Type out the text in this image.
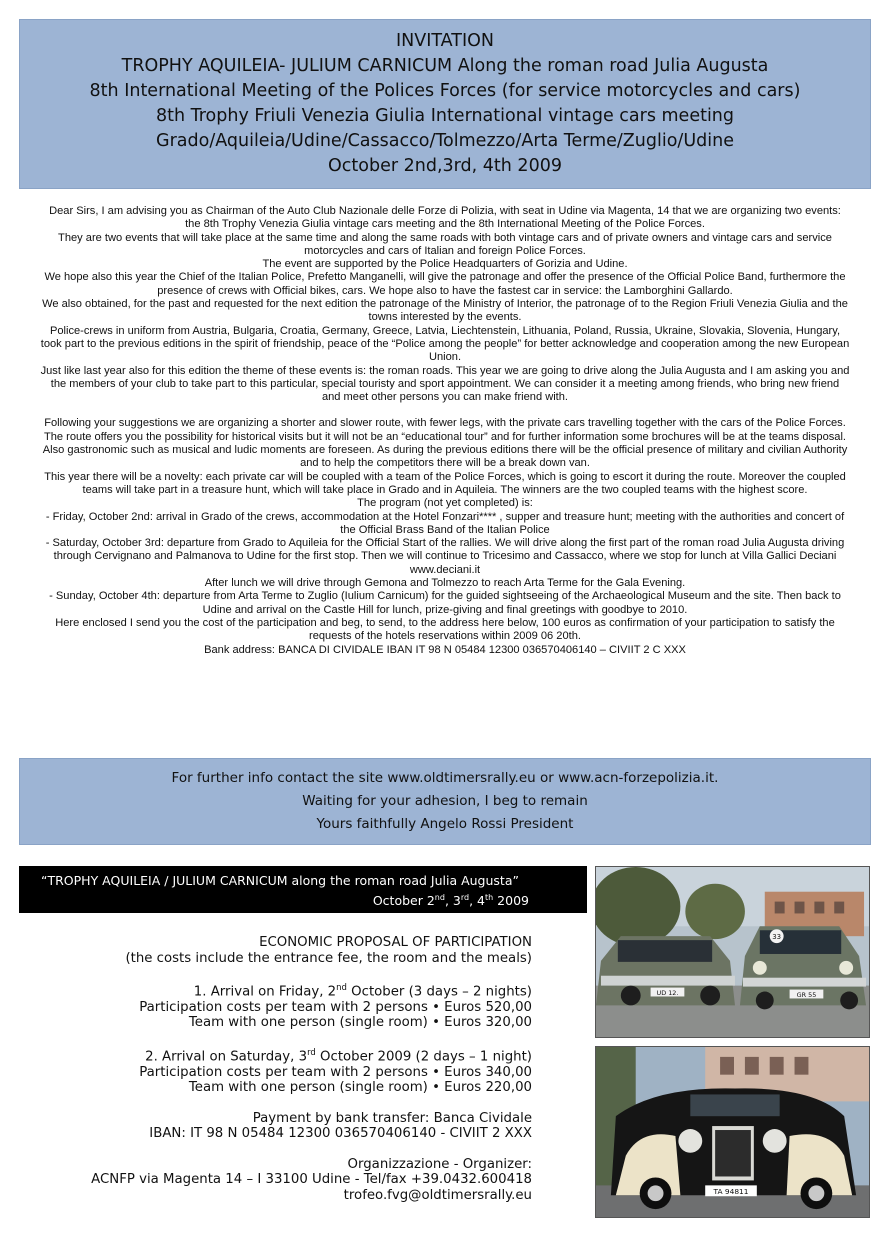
INVITATION
TROPHY AQUILEIA- JULIUM CARNICUM Along the roman road Julia Augusta
8th International Meeting of the Polices Forces (for service motorcycles and cars)
8th Trophy Friuli Venezia Giulia International vintage cars meeting
Grado/Aquileia/Udine/Cassacco/Tolmezzo/Arta Terme/Zuglio/Udine
October 2nd,3rd, 4th 2009

Dear Sirs, I am advising you as Chairman of the Auto Club Nazionale delle Forze di Polizia, with seat in Udine via Magenta, 14 that we are organizing two events: the 8th Trophy Venezia Giulia vintage cars meeting and the 8th International Meeting of the Police Forces.

They are two events that will take place at the same time and along the same roads with both vintage cars and of private owners and vintage cars and service motorcycles and cars of Italian and foreign Police Forces.

The event are supported by the Police Headquarters of Gorizia and Udine.

We hope also this year the Chief of the Italian Police, Prefetto Manganelli, will give the patronage and offer the presence of the Official Police Band, furthermore the presence of crews with Official bikes, cars. We hope also to have the fastest car in service: the Lamborghini Gallardo.

We also obtained, for the past and requested for the next edition the patronage of the Ministry of Interior, the patronage of to the Region Friuli Venezia Giulia and the towns interested by the events.

Police-crews in uniform from Austria, Bulgaria, Croatia, Germany, Greece, Latvia, Liechtenstein, Lithuania, Poland, Russia, Ukraine, Slovakia, Slovenia, Hungary, took part to the previous editions in the spirit of friendship, peace of the “Police among the people” for better acknowledge and cooperation among the new European Union.

Just like last year also for this edition the theme of these events is: the roman roads. This year we are going to drive along the Julia Augusta and I am asking you and the members of your club to take part to this particular, special touristy and sport appointment. We can consider it a meeting among friends, who bring new friend and meet other persons you can make friend with.

Following your suggestions we are organizing a shorter and slower route, with fewer legs, with the private cars travelling together with the cars of the Police Forces.

The route offers you the possibility for historical visits but it will not be an “educational tour” and for further information some brochures will be at the teams disposal. Also gastronomic such as musical and ludic moments are foreseen. As during the previous editions there will be the official presence of military and civilian Authority and to help the competitors there will be a break down van.

This year there will be a novelty: each private car will be coupled with a team of the Police Forces, which is going to escort it during the route. Moreover the coupled teams will take part in a treasure hunt, which will take place in Grado and in Aquileia. The winners are the two coupled teams with the highest score.

The program (not yet completed) is:

- Friday, October 2nd: arrival in Grado of the crews, accommodation at the Hotel Fonzari**** , supper and treasure hunt; meeting with the authorities and concert of the Official Brass Band of the Italian Police

- Saturday, October 3rd: departure from Grado to Aquileia for the Official Start of the rallies. We will drive along the first part of the roman road Julia Augusta driving through Cervignano and Palmanova to Udine for the first stop. Then we will continue to Tricesimo and Cassacco, where we stop for lunch at Villa Gallici Deciani www.deciani.it

After lunch we will drive through Gemona and Tolmezzo to reach Arta Terme for the Gala Evening.

- Sunday, October 4th: departure from Arta Terme to Zuglio (Iulium Carnicum) for the guided sightseeing of the Archaeological Museum and the site. Then back to Udine and arrival on the Castle Hill for lunch, prize-giving and final greetings with goodbye to 2010.

Here enclosed I send you the cost of the participation and beg, to send, to the address here below, 100 euros as confirmation of your participation to satisfy the requests of the hotels reservations within 2009 06 20th.

Bank address: BANCA DI CIVIDALE IBAN IT 98 N 05484 12300 036570406140 – CIVIIT 2 C XXX

For further info contact the site www.oldtimersrally.eu or www.acn-forzepolizia.it.
Waiting for your adhesion, I beg to remain
Yours faithfully Angelo Rossi President
“TROPHY AQUILEIA / JULIUM CARNICUM along the roman road Julia Augusta”
October 2nd, 3rd, 4th 2009
ECONOMIC PROPOSAL OF PARTICIPATION
(the costs include the entrance fee, the room and the meals)
1. Arrival on Friday, 2nd October (3 days – 2 nights)
Participation costs per team with 2 persons • Euros 520,00
Team with one person (single room) • Euros 320,00
2. Arrival on Saturday, 3rd October 2009 (2 days – 1 night)
Participation costs per team with 2 persons • Euros 340,00
Team with one person (single room) • Euros 220,00
Payment by bank transfer: Banca Cividale
IBAN: IT 98 N 05484 12300 036570406140 - CIVIIT 2 XXX
Organizzazione - Organizer:
ACNFP via Magenta 14 – I 33100 Udine - Tel/fax +39.0432.600418
trofeo.fvg@oldtimersrally.eu
UD 12.
33
GR 55
TA 94811
